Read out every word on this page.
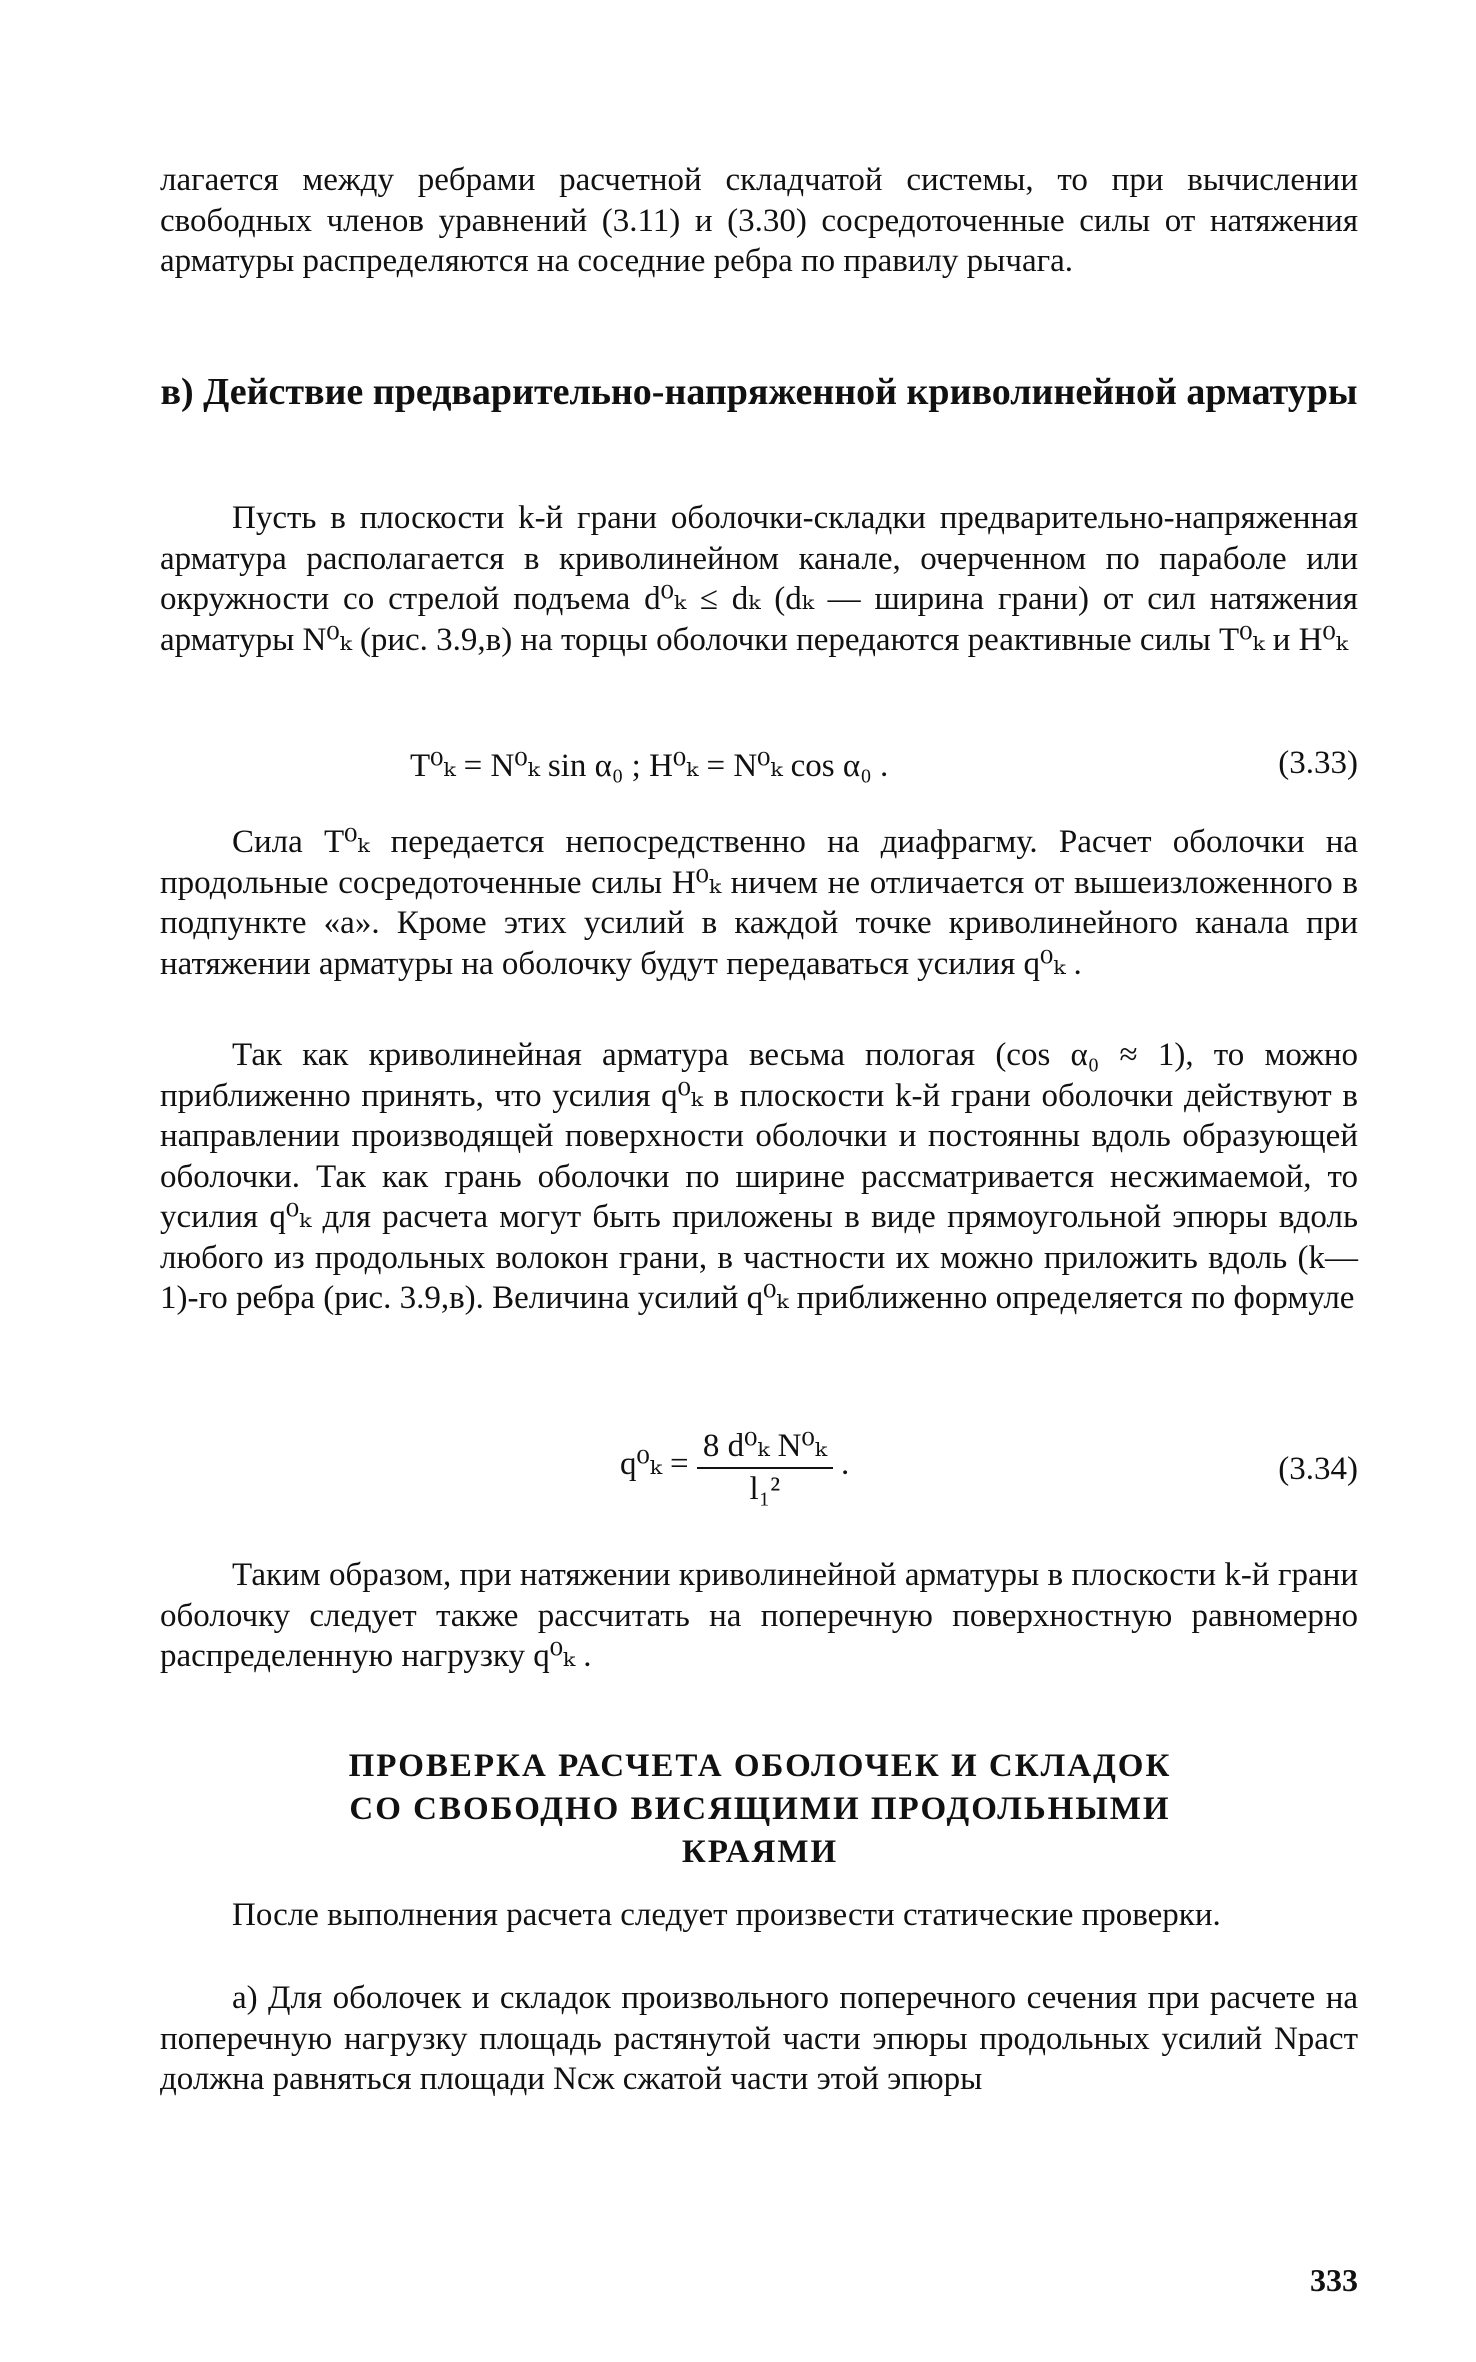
лагается между ребрами расчетной складчатой системы, то при вычислении свободных членов уравнений (3.11) и (3.30) сосредоточенные силы от натяжения арматуры распределяются на соседние ребра по правилу рычага.

в) Действие предварительно-напряженной криволинейной арматуры

Пусть в плоскости k-й грани оболочки-складки предварительно-напряженная арматура располагается в криволинейном канале, очерченном по параболе или окружности со стрелой подъема d⁰ₖ ≤ dₖ (dₖ — ширина грани) от сил натяжения арматуры N⁰ₖ (рис. 3.9,в) на торцы оболочки передаются реактивные силы T⁰ₖ и H⁰ₖ

T⁰ₖ = N⁰ₖ sin α₀ ; H⁰ₖ = N⁰ₖ cos α₀ .	(3.33)

Сила T⁰ₖ передается непосредственно на диафрагму. Расчет оболочки на продольные сосредоточенные силы H⁰ₖ ничем не отличается от вышеизложенного в подпункте «а». Кроме этих усилий в каждой точке криволинейного канала при натяжении арматуры на оболочку будут передаваться усилия q⁰ₖ .

Так как криволинейная арматура весьма пологая (cos α₀ ≈ 1), то можно приближенно принять, что усилия q⁰ₖ в плоскости k-й грани оболочки действуют в направлении производящей поверхности оболочки и постоянны вдоль образующей оболочки. Так как грань оболочки по ширине рассматривается несжимаемой, то усилия q⁰ₖ для расчета могут быть приложены в виде прямоугольной эпюры вдоль любого из продольных волокон грани, в частности их можно приложить вдоль (k—1)-го ребра (рис. 3.9,в). Величина усилий q⁰ₖ приближенно определяется по формуле

$q^0_k = \frac{\text{8 d⁰ₖ N⁰ₖ}}{\text{l₁²}}$ .	(3.34)

Таким образом, при натяжении криволинейной арматуры в плоскости k-й грани оболочку следует также рассчитать на поперечную поверхностную равномерно распределенную нагрузку q⁰ₖ .

ПРОВЕРКА РАСЧЕТА ОБОЛОЧЕК И СКЛАДОК СО СВОБОДНО ВИСЯЩИМИ ПРОДОЛЬНЫМИ КРАЯМИ

После выполнения расчета следует произвести статические проверки.

а) Для оболочек и складок произвольного поперечного сечения при расчете на поперечную нагрузку площадь растянутой части эпюры продольных усилий Nраст должна равняться площади Nсж сжатой части этой эпюры

333
